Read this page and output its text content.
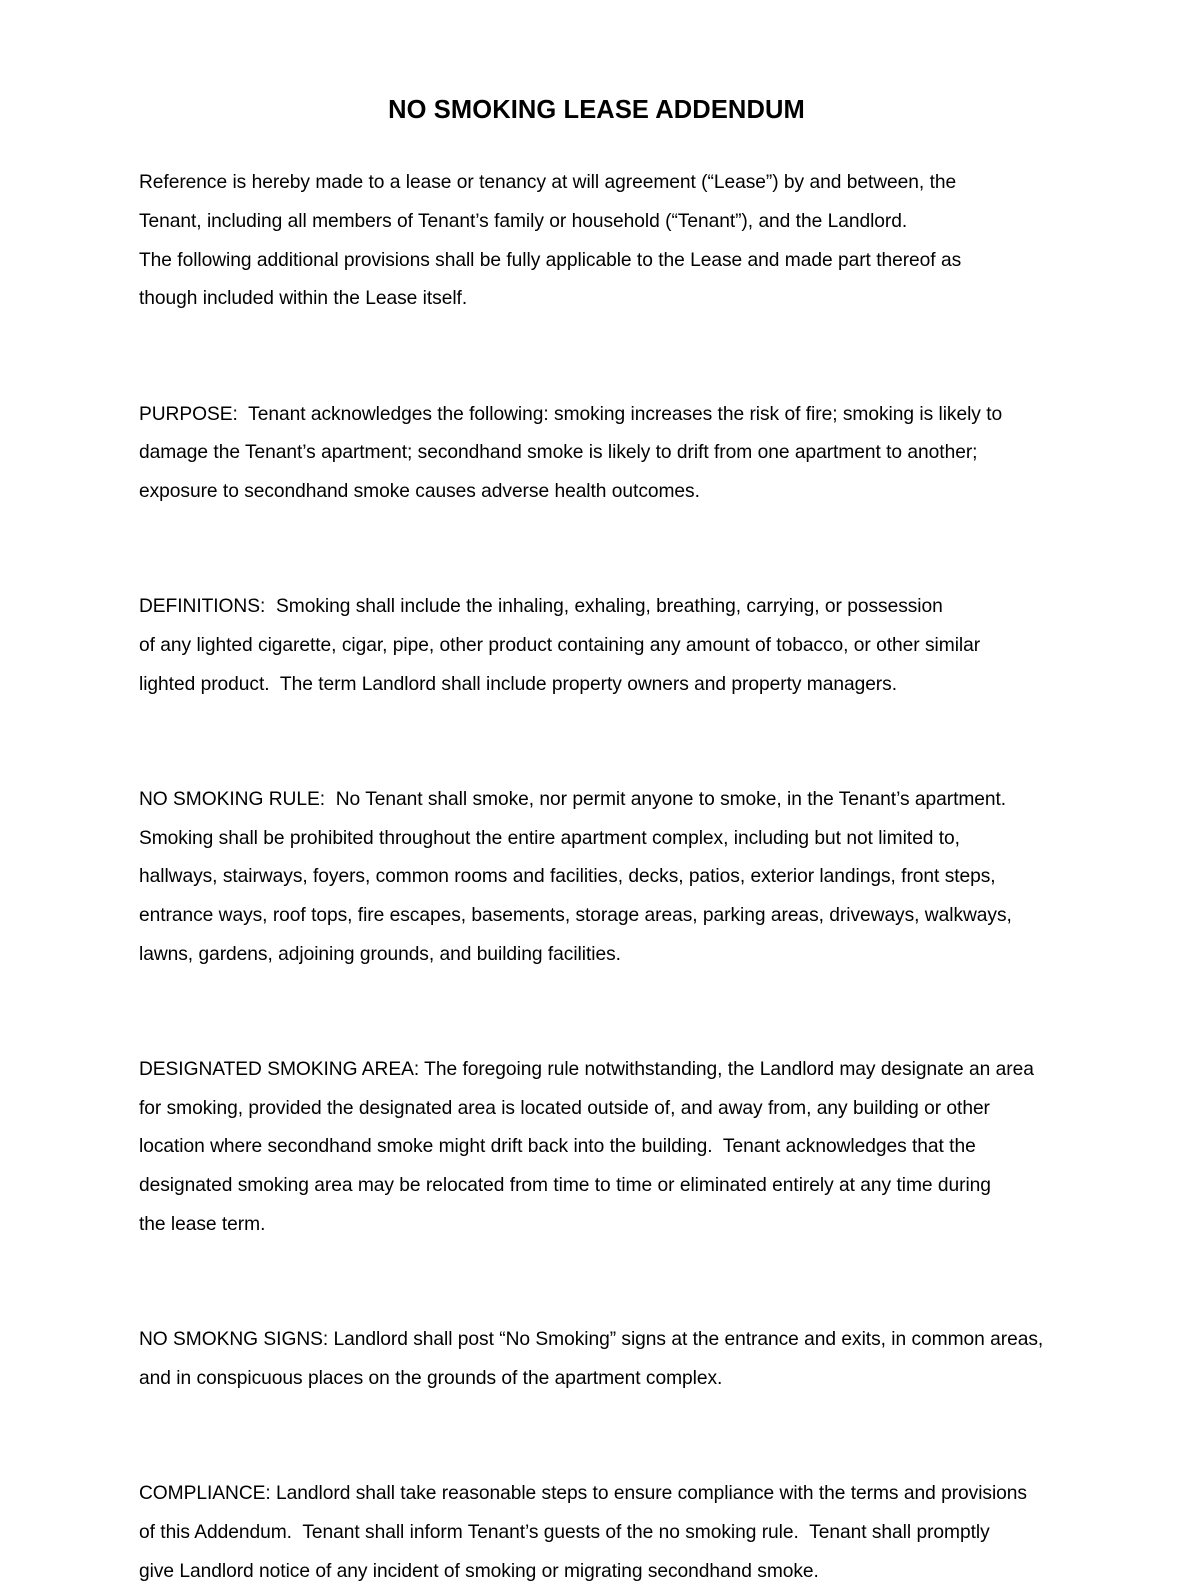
NO SMOKING LEASE ADDENDUM
Reference is hereby made to a lease or tenancy at will agreement (“Lease”) by and between, the
Tenant, including all members of Tenant’s family or household (“Tenant”), and the Landlord.
The following additional provisions shall be fully applicable to the Lease and made part thereof as
though included within the Lease itself.
PURPOSE:  Tenant acknowledges the following: smoking increases the risk of fire; smoking is likely to
damage the Tenant’s apartment; secondhand smoke is likely to drift from one apartment to another;
exposure to secondhand smoke causes adverse health outcomes.
DEFINITIONS:  Smoking shall include the inhaling, exhaling, breathing, carrying, or possession
of any lighted cigarette, cigar, pipe, other product containing any amount of tobacco, or other similar
lighted product.  The term Landlord shall include property owners and property managers.
NO SMOKING RULE:  No Tenant shall smoke, nor permit anyone to smoke, in the Tenant’s apartment.
Smoking shall be prohibited throughout the entire apartment complex, including but not limited to,
hallways, stairways, foyers, common rooms and facilities, decks, patios, exterior landings, front steps,
entrance ways, roof tops, fire escapes, basements, storage areas, parking areas, driveways, walkways,
lawns, gardens, adjoining grounds, and building facilities.
DESIGNATED SMOKING AREA: The foregoing rule notwithstanding, the Landlord may designate an area
for smoking, provided the designated area is located outside of, and away from, any building or other
location where secondhand smoke might drift back into the building.  Tenant acknowledges that the
designated smoking area may be relocated from time to time or eliminated entirely at any time during
the lease term.
NO SMOKNG SIGNS: Landlord shall post “No Smoking” signs at the entrance and exits, in common areas,
and in conspicuous places on the grounds of the apartment complex.
COMPLIANCE: Landlord shall take reasonable steps to ensure compliance with the terms and provisions
of this Addendum.  Tenant shall inform Tenant’s guests of the no smoking rule.  Tenant shall promptly
give Landlord notice of any incident of smoking or migrating secondhand smoke.
